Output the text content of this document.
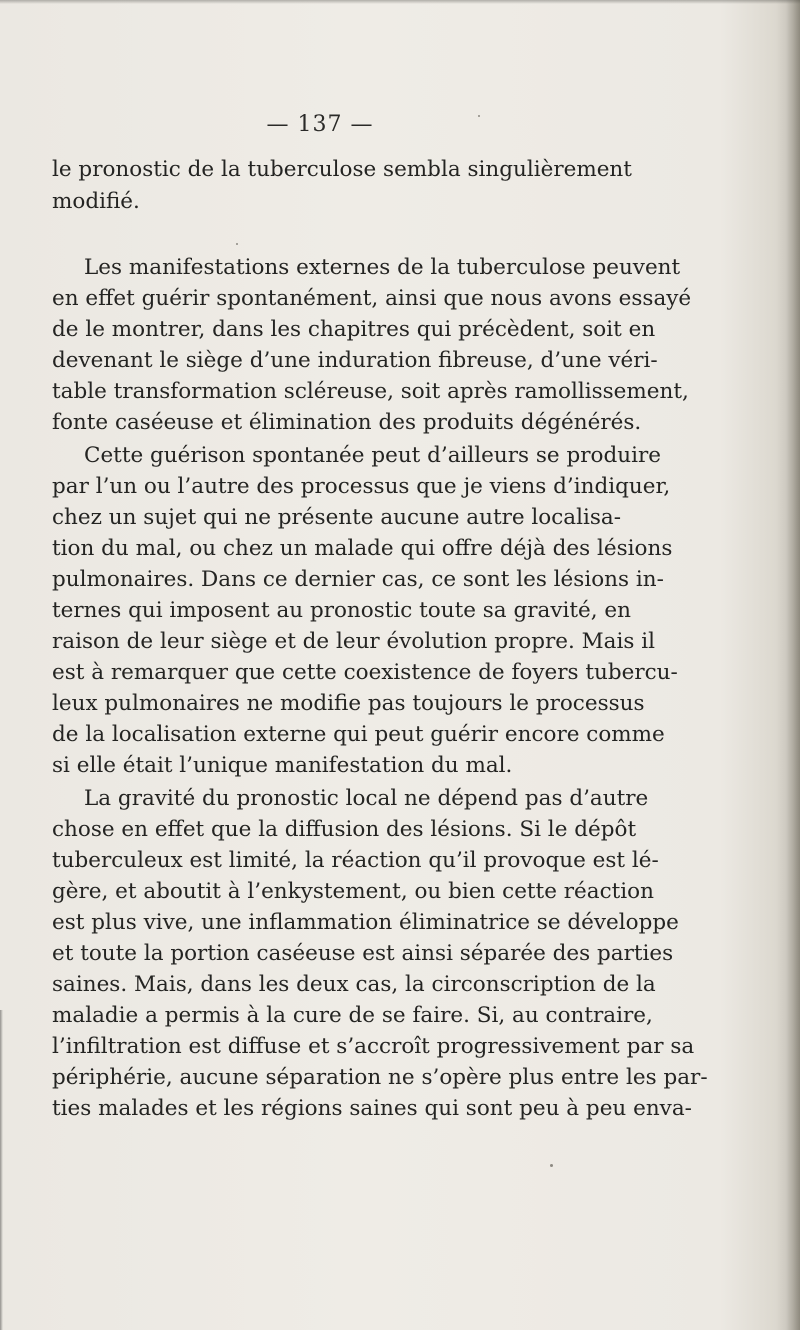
— 137 —
le pronostic de la tuberculose sembla singulièrement
modifié.
Les manifestations externes de la tuberculose peuvent
en effet guérir spontanément, ainsi que nous avons essayé
de le montrer, dans les chapitres qui précèdent, soit en
devenant le siège d’une induration fibreuse, d’une véri-
table transformation scléreuse, soit après ramollissement,
fonte caséeuse et élimination des produits dégénérés.
Cette guérison spontanée peut d’ailleurs se produire
par l’un ou l’autre des processus que je viens d’indiquer,
chez un sujet qui ne présente aucune autre localisa-
tion du mal, ou chez un malade qui offre déjà des lésions
pulmonaires. Dans ce dernier cas, ce sont les lésions in-
ternes qui imposent au pronostic toute sa gravité, en
raison de leur siège et de leur évolution propre. Mais il
est à remarquer que cette coexistence de foyers tubercu-
leux pulmonaires ne modifie pas toujours le processus
de la localisation externe qui peut guérir encore comme
si elle était l’unique manifestation du mal.
La gravité du pronostic local ne dépend pas d’autre
chose en effet que la diffusion des lésions. Si le dépôt
tuberculeux est limité, la réaction qu’il provoque est lé-
gère, et aboutit à l’enkystement, ou bien cette réaction
est plus vive, une inflammation éliminatrice se développe
et toute la portion caséeuse est ainsi séparée des parties
saines. Mais, dans les deux cas, la circonscription de la
maladie a permis à la cure de se faire. Si, au contraire,
l’infiltration est diffuse et s’accroît progressivement par sa
périphérie, aucune séparation ne s’opère plus entre les par-
ties malades et les régions saines qui sont peu à peu enva-
